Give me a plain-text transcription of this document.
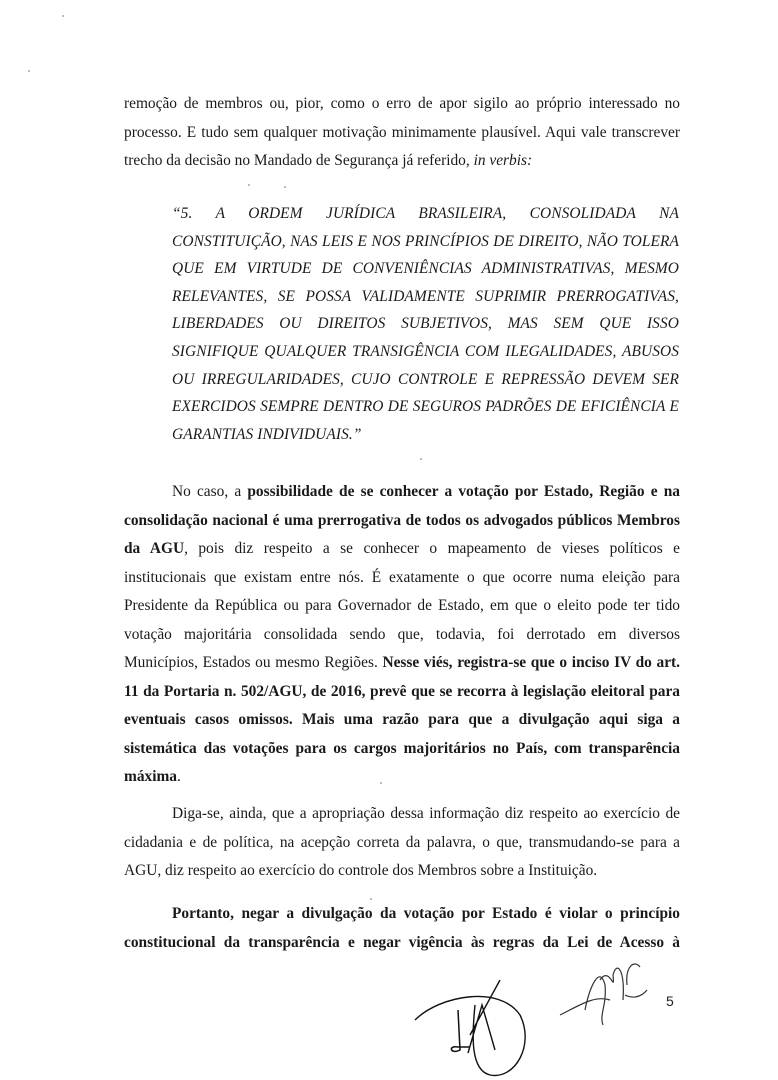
remoção de membros ou, pior, como o erro de apor sigilo ao próprio interessado no processo. E tudo sem qualquer motivação minimamente plausível. Aqui vale transcrever trecho da decisão no Mandado de Segurança já referido, in verbis:

“5. A ORDEM JURÍDICA BRASILEIRA, CONSOLIDADA NA CONSTITUIÇÃO, NAS LEIS E NOS PRINCÍPIOS DE DIREITO, NÃO TOLERA QUE EM VIRTUDE DE CONVENIÊNCIAS ADMINISTRATIVAS, MESMO RELEVANTES, SE POSSA VALIDAMENTE SUPRIMIR PRERROGATIVAS, LIBERDADES OU DIREITOS SUBJETIVOS, MAS SEM QUE ISSO SIGNIFIQUE QUALQUER TRANSIGÊNCIA COM ILEGALIDADES, ABUSOS OU IRREGULARIDADES, CUJO CONTROLE E REPRESSÃO DEVEM SER EXERCIDOS SEMPRE DENTRO DE SEGUROS PADRÕES DE EFICIÊNCIA E GARANTIAS INDIVIDUAIS.”

No caso, a possibilidade de se conhecer a votação por Estado, Região e na consolidação nacional é uma prerrogativa de todos os advogados públicos Membros da AGU, pois diz respeito a se conhecer o mapeamento de vieses políticos e institucionais que existam entre nós. É exatamente o que ocorre numa eleição para Presidente da República ou para Governador de Estado, em que o eleito pode ter tido votação majoritária consolidada sendo que, todavia, foi derrotado em diversos Municípios, Estados ou mesmo Regiões. Nesse viés, registra-se que o inciso IV do art. 11 da Portaria n. 502/AGU, de 2016, prevê que se recorra à legislação eleitoral para eventuais casos omissos. Mais uma razão para que a divulgação aqui siga a sistemática das votações para os cargos majoritários no País, com transparência máxima.

Diga-se, ainda, que a apropriação dessa informação diz respeito ao exercício de cidadania e de política, na acepção correta da palavra, o que, transmudando-se para a AGU, diz respeito ao exercício do controle dos Membros sobre a Instituição.

Portanto, negar a divulgação da votação por Estado é violar o princípio constitucional da transparência e negar vigência às regras da Lei de Acesso à

5
